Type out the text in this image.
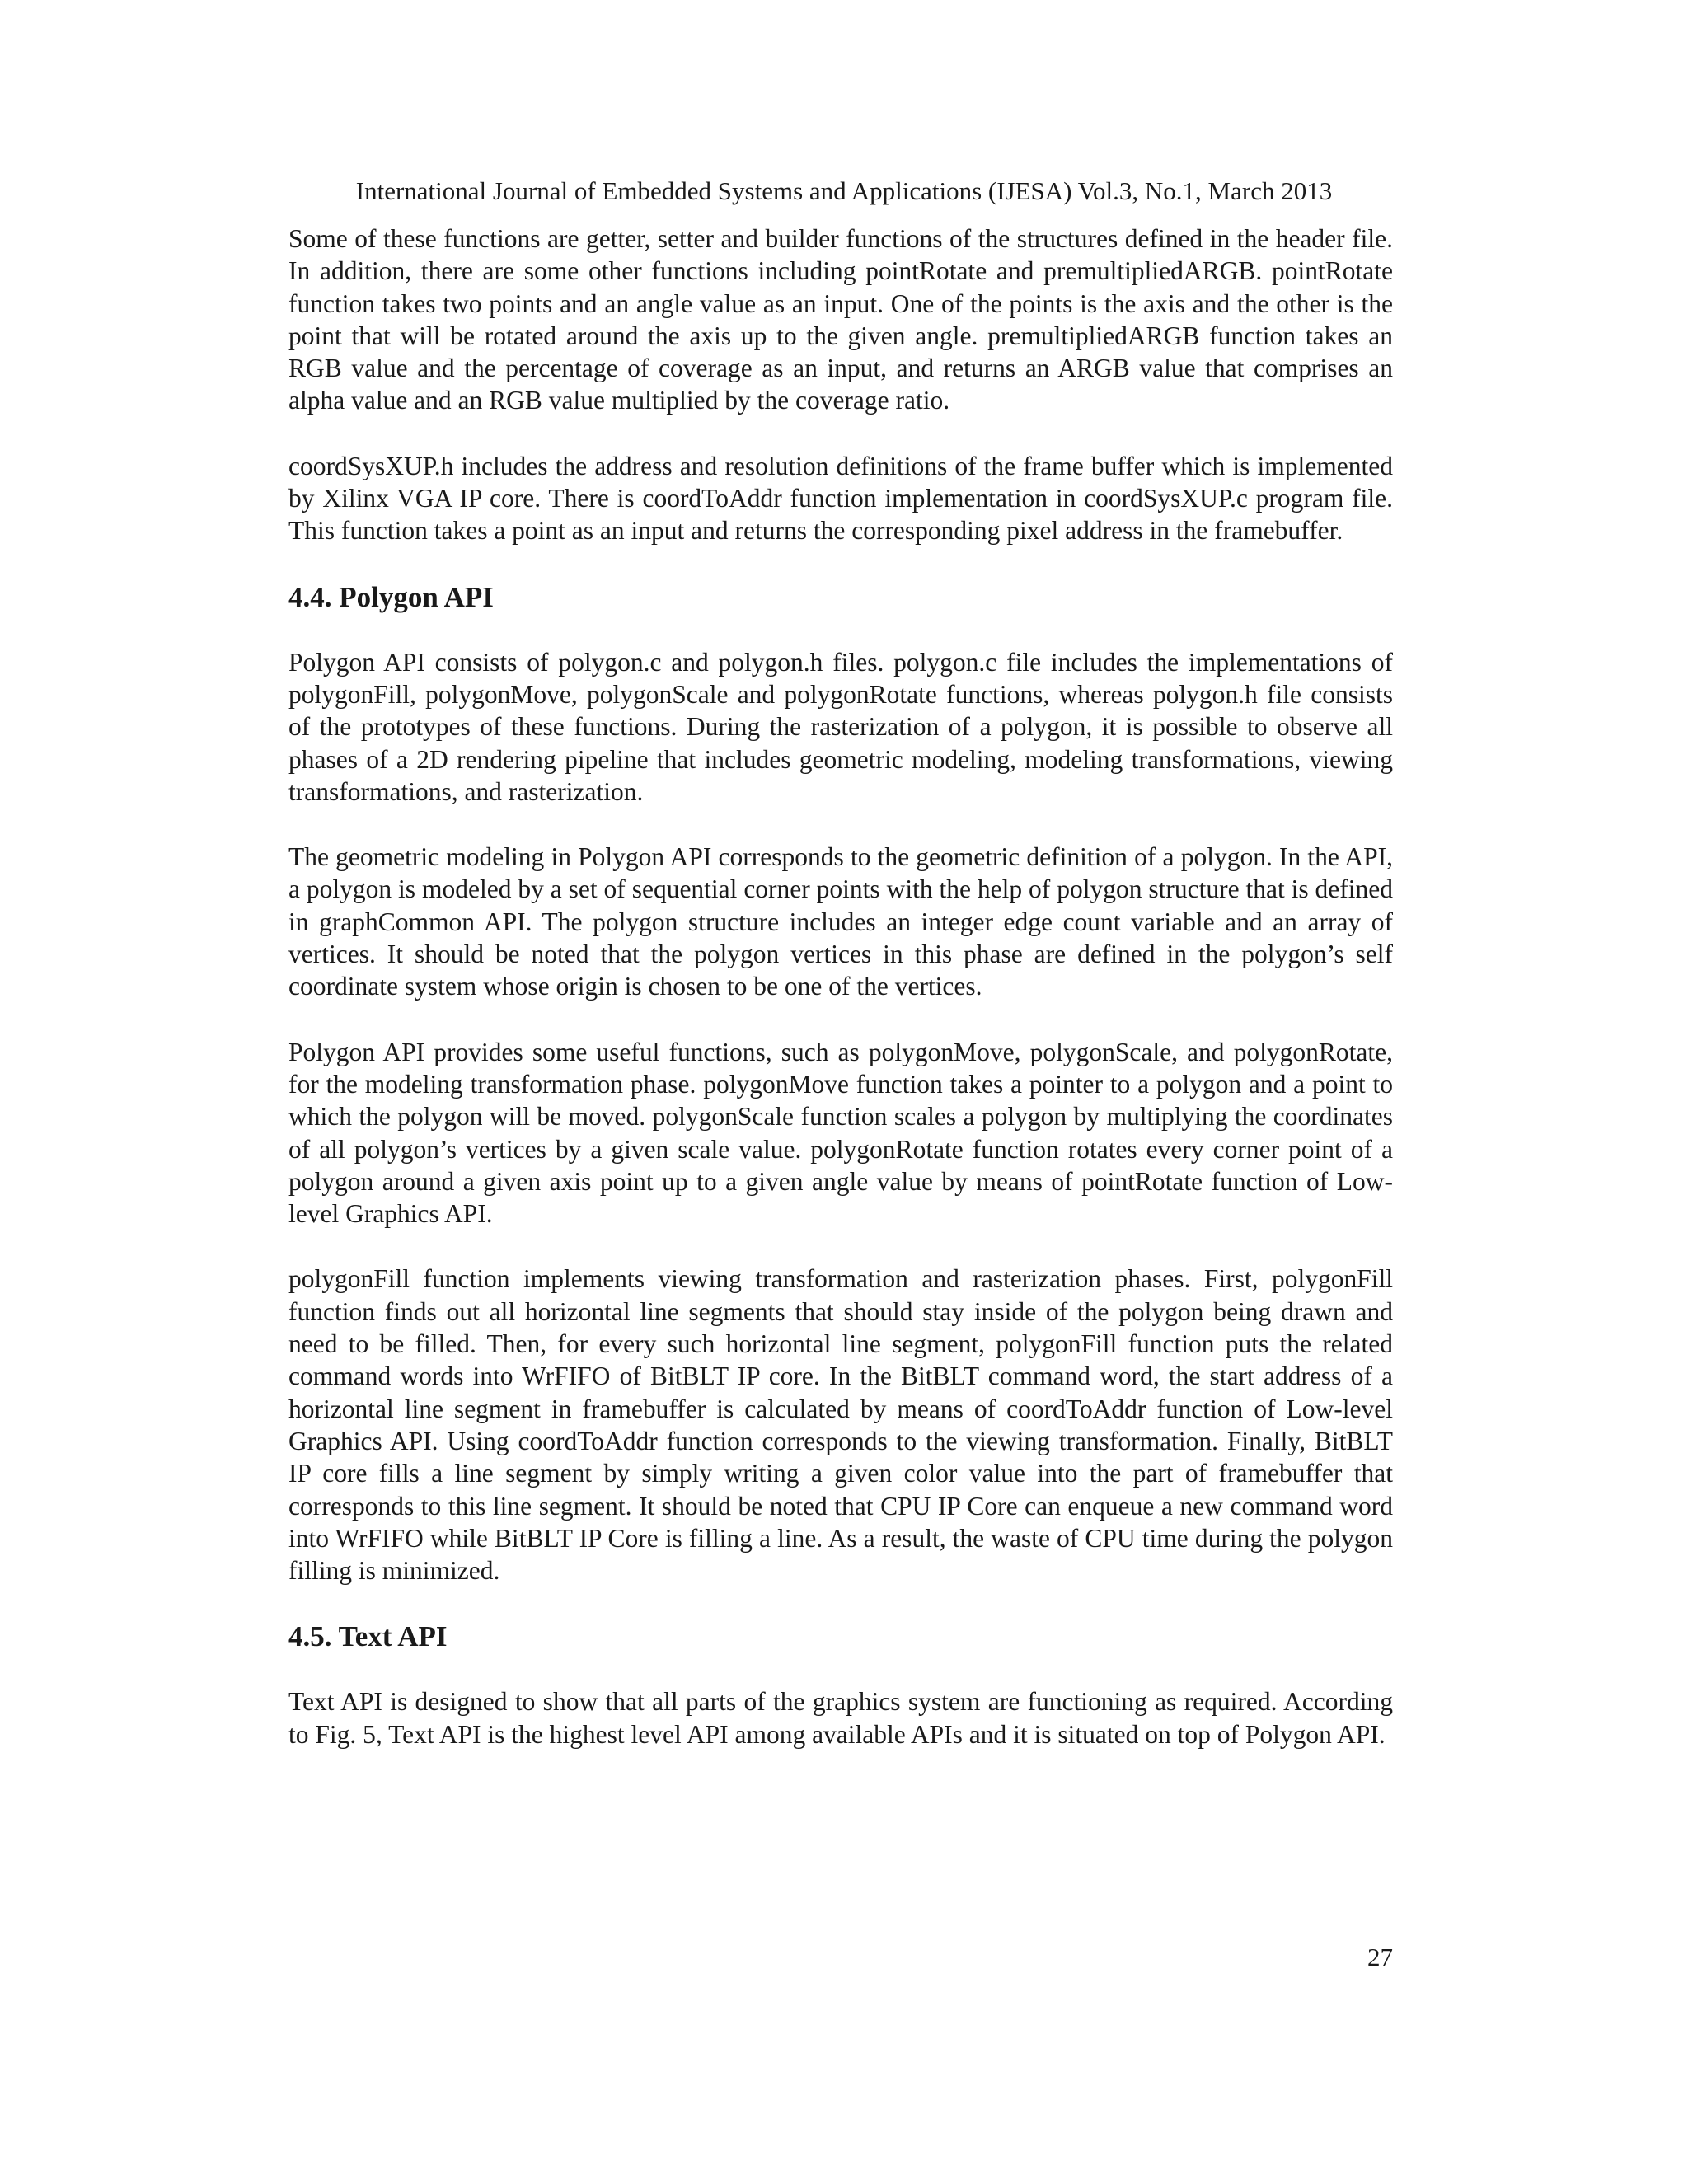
International Journal of Embedded Systems and Applications (IJESA) Vol.3, No.1, March 2013

Some of these functions are getter, setter and builder functions of the structures defined in the header file. In addition, there are some other functions including pointRotate and premultipliedARGB. pointRotate function takes two points and an angle value as an input. One of the points is the axis and the other is the point that will be rotated around the axis up to the given angle. premultipliedARGB function takes an RGB value and the percentage of coverage as an input, and returns an ARGB value that comprises an alpha value and an RGB value multiplied by the coverage ratio.

coordSysXUP.h includes the address and resolution definitions of the frame buffer which is implemented by Xilinx VGA IP core. There is coordToAddr function implementation in coordSysXUP.c program file. This function takes a point as an input and returns the corresponding pixel address in the framebuffer.

4.4. Polygon API

Polygon API consists of polygon.c and polygon.h files. polygon.c file includes the implementations of polygonFill, polygonMove, polygonScale and polygonRotate functions, whereas polygon.h file consists of the prototypes of these functions. During the rasterization of a polygon, it is possible to observe all phases of a 2D rendering pipeline that includes geometric modeling, modeling transformations, viewing transformations, and rasterization.

The geometric modeling in Polygon API corresponds to the geometric definition of a polygon. In the API, a polygon is modeled by a set of sequential corner points with the help of polygon structure that is defined in graphCommon API. The polygon structure includes an integer edge count variable and an array of vertices. It should be noted that the polygon vertices in this phase are defined in the polygon’s self coordinate system whose origin is chosen to be one of the vertices.

Polygon API provides some useful functions, such as polygonMove, polygonScale, and polygonRotate, for the modeling transformation phase. polygonMove function takes a pointer to a polygon and a point to which the polygon will be moved. polygonScale function scales a polygon by multiplying the coordinates of all polygon’s vertices by a given scale value. polygonRotate function rotates every corner point of a polygon around a given axis point up to a given angle value by means of pointRotate function of Low-level Graphics API.

polygonFill function implements viewing transformation and rasterization phases. First, polygonFill function finds out all horizontal line segments that should stay inside of the polygon being drawn and need to be filled. Then, for every such horizontal line segment, polygonFill function puts the related command words into WrFIFO of BitBLT IP core. In the BitBLT command word, the start address of a horizontal line segment in framebuffer is calculated by means of coordToAddr function of Low-level Graphics API. Using coordToAddr function corresponds to the viewing transformation. Finally, BitBLT IP core fills a line segment by simply writing a given color value into the part of framebuffer that corresponds to this line segment. It should be noted that CPU IP Core can enqueue a new command word into WrFIFO while BitBLT IP Core is filling a line. As a result, the waste of CPU time during the polygon filling is minimized.

4.5. Text API

Text API is designed to show that all parts of the graphics system are functioning as required. According to Fig. 5, Text API is the highest level API among available APIs and it is situated on top of Polygon API.

27
